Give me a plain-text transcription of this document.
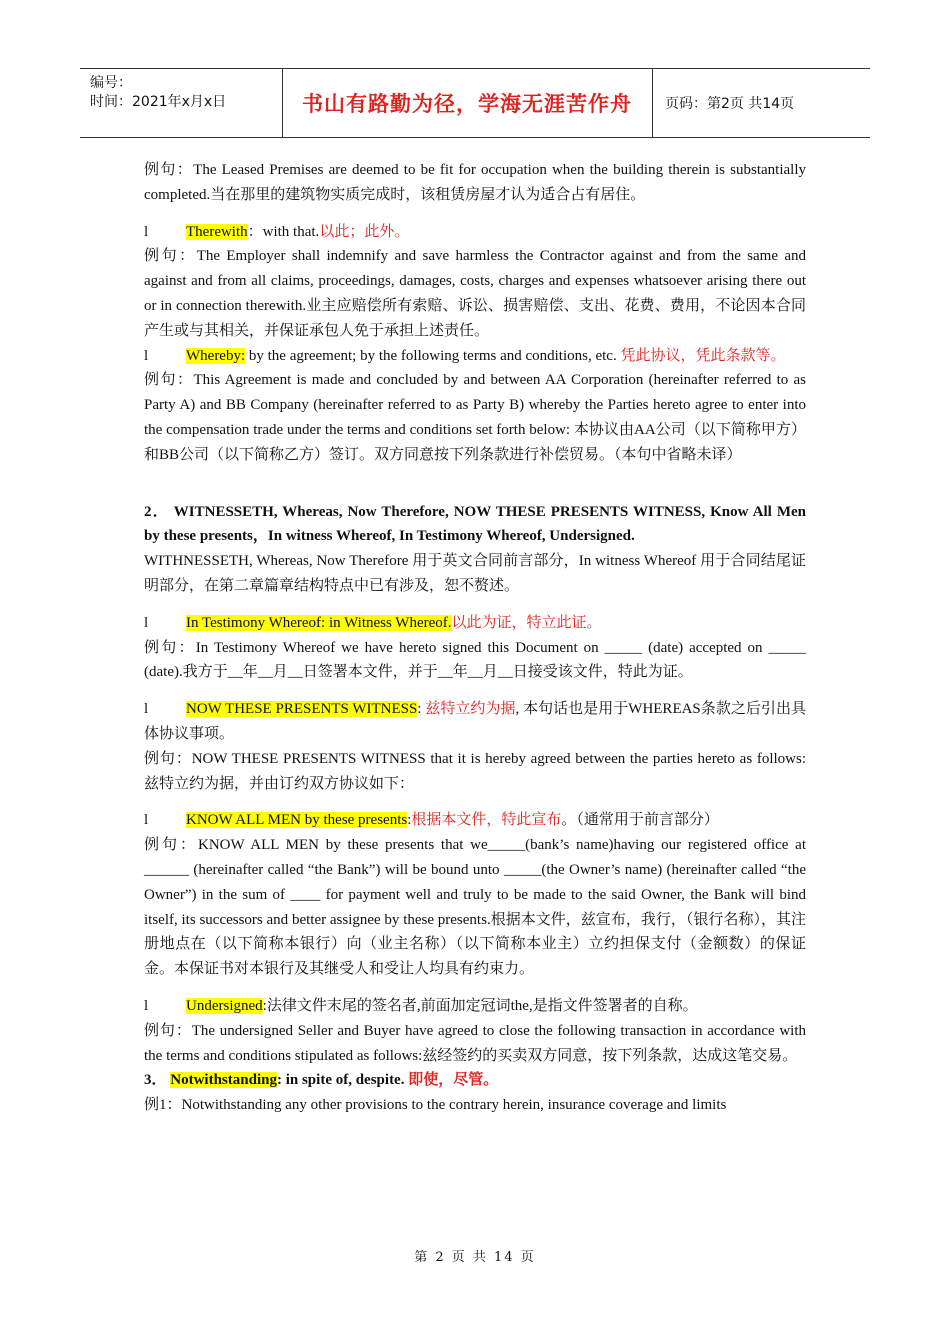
编号：
时间：2021年x月x日	书山有路勤为径，学海无涯苦作舟 页码：第2页 共14页

例句：The Leased Premises are deemed to be fit for occupation when the building therein is substantially completed.当在那里的建筑物实质完成时，该租赁房屋才认为适合占有居住。

l	Therewith：with that.以此；此外。

例句：The Employer shall indemnify and save harmless the Contractor against and from the same and against and from all claims, proceedings, damages, costs, charges and expenses whatsoever arising there out or in connection therewith.业主应赔偿所有索赔、诉讼、损害赔偿、支出、花费、费用，不论因本合同产生或与其相关，并保证承包人免于承担上述责任。

l	Whereby: by the agreement; by the following terms and conditions, etc. 凭此协议，凭此条款等。

例句：This Agreement is made and concluded by and between AA Corporation (hereinafter referred to as Party A) and BB Company (hereinafter referred to as Party B) whereby the Parties hereto agree to enter into the compensation trade under the terms and conditions set forth below: 本协议由AA公司（以下简称甲方）和BB公司（以下简称乙方）签订。双方同意按下列条款进行补偿贸易。（本句中省略未译）

2． WITNESSETH, Whereas, Now Therefore, NOW THESE PRESENTS WITNESS, Know All Men by these presents，In witness Whereof, In Testimony Whereof, Undersigned.

WITHNESSETH, Whereas, Now Therefore 用于英文合同前言部分，In witness Whereof 用于合同结尾证明部分，在第二章篇章结构特点中已有涉及，恕不赘述。

l	In Testimony Whereof: in Witness Whereof.以此为证，特立此证。

例句：In Testimony Whereof we have hereto signed this Document on _____ (date) accepted on _____ (date).我方于__年__月__日签署本文件，并于__年__月__日接受该文件，特此为证。

l	NOW THESE PRESENTS WITNESS: 兹特立约为据, 本句话也是用于WHEREAS条款之后引出具体协议事项。

例句：NOW THESE PRESENTS WITNESS that it is hereby agreed between the parties hereto as follows: 兹特立约为据，并由订约双方协议如下：

l	KNOW ALL MEN by these presents:根据本文件，特此宣布。（通常用于前言部分）

例句：KNOW ALL MEN by these presents that we_____(bank’s name)having our registered office at ______ (hereinafter called “the Bank”) will be bound unto _____(the Owner’s name) (hereinafter called “the Owner”) in the sum of ____ for payment well and truly to be made to the said Owner, the Bank will bind itself, its successors and better assignee by these presents.根据本文件，兹宣布，我行，（银行名称），其注册地点在（以下简称本银行）向（业主名称）（以下简称本业主）立约担保支付（金额数）的保证金。本保证书对本银行及其继受人和受让人均具有约束力。

l	Undersigned:法律文件末尾的签名者,前面加定冠词the,是指文件签署者的自称。

例句：The undersigned Seller and Buyer have agreed to close the following transaction in accordance with the terms and conditions stipulated as follows:兹经签约的买卖双方同意，按下列条款，达成这笔交易。

3． Notwithstanding: in spite of, despite. 即使，尽管。

例1：Notwithstanding any other provisions to the contrary herein, insurance coverage and limits

第 2 页 共 14 页
